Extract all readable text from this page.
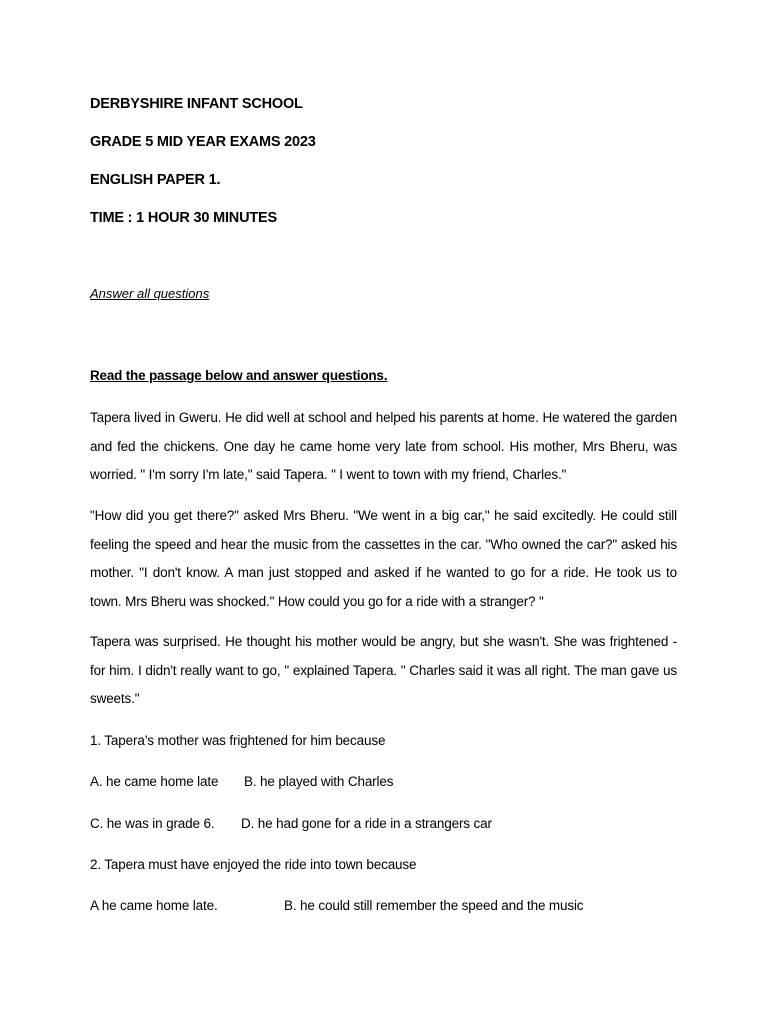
DERBYSHIRE INFANT SCHOOL
GRADE 5 MID YEAR EXAMS 2023
ENGLISH PAPER 1.
TIME : 1 HOUR 30 MINUTES
Answer all questions
Read the passage below and answer questions.
Tapera lived in Gweru. He did well at school and helped his parents at home. He watered the garden and fed the chickens. One day he came home very late from school. His mother, Mrs Bheru, was worried. " I'm sorry I'm late," said Tapera. " I went to town with my friend, Charles."
"How did you get there?" asked Mrs Bheru. "We went in a big car," he said excitedly. He could still feeling the speed and hear the music from the cassettes in the car. "Who owned the car?" asked his mother. "I don't know. A man just stopped and asked if he wanted to go for a ride. He took us to town. Mrs Bheru was shocked." How could you go for a ride with a stranger? "
Tapera was surprised. He thought his mother would be angry, but she wasn't. She was frightened - for him. I didn't really want to go, " explained Tapera. " Charles said it was all right. The man gave us sweets."
1. Tapera’s mother was frightened for him because
A. he came home late B. he played with Charles
C. he was in grade 6. D. he had gone for a ride in a strangers car
2. Tapera must have enjoyed the ride into town because
A he came home late.	B. he could still remember the speed and the music
